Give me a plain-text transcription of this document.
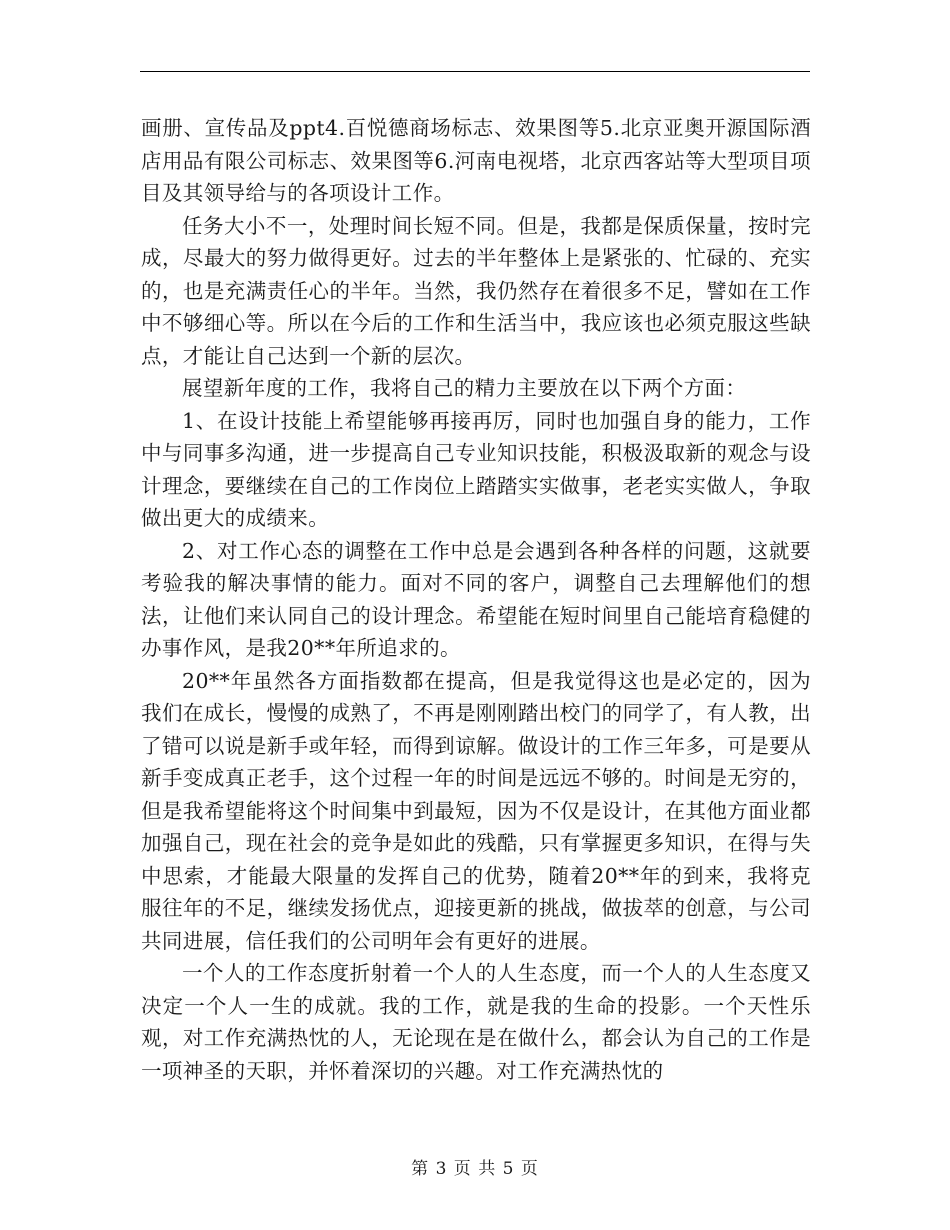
画册、宣传品及ppt4.百悦德商场标志、效果图等5.北京亚奥开源国际酒店用品有限公司标志、效果图等6.河南电视塔，北京西客站等大型项目项目及其领导给与的各项设计工作。

任务大小不一，处理时间长短不同。但是，我都是保质保量，按时完成，尽最大的努力做得更好。过去的半年整体上是紧张的、忙碌的、充实的，也是充满责任心的半年。当然，我仍然存在着很多不足，譬如在工作中不够细心等。所以在今后的工作和生活当中，我应该也必须克服这些缺点，才能让自己达到一个新的层次。

展望新年度的工作，我将自己的精力主要放在以下两个方面：

1、在设计技能上希望能够再接再厉，同时也加强自身的能力，工作中与同事多沟通，进一步提高自己专业知识技能，积极汲取新的观念与设计理念，要继续在自己的工作岗位上踏踏实实做事，老老实实做人，争取做出更大的成绩来。

2、对工作心态的调整在工作中总是会遇到各种各样的问题，这就要考验我的解决事情的能力。面对不同的客户，调整自己去理解他们的想法，让他们来认同自己的设计理念。希望能在短时间里自己能培育稳健的办事作风，是我20**年所追求的。

20**年虽然各方面指数都在提高，但是我觉得这也是必定的，因为我们在成长，慢慢的成熟了，不再是刚刚踏出校门的同学了，有人教，出了错可以说是新手或年轻，而得到谅解。做设计的工作三年多，可是要从新手变成真正老手，这个过程一年的时间是远远不够的。时间是无穷的，但是我希望能将这个时间集中到最短，因为不仅是设计，在其他方面业都加强自己，现在社会的竞争是如此的残酷，只有掌握更多知识，在得与失中思索，才能最大限量的发挥自己的优势，随着20**年的到来，我将克服往年的不足，继续发扬优点，迎接更新的挑战，做拔萃的创意，与公司共同进展，信任我们的公司明年会有更好的进展。

一个人的工作态度折射着一个人的人生态度，而一个人的人生态度又决定一个人一生的成就。我的工作，就是我的生命的投影。一个天性乐观，对工作充满热忱的人，无论现在是在做什么，都会认为自己的工作是一项神圣的天职，并怀着深切的兴趣。对工作充满热忱的

第 3 页 共 5 页
